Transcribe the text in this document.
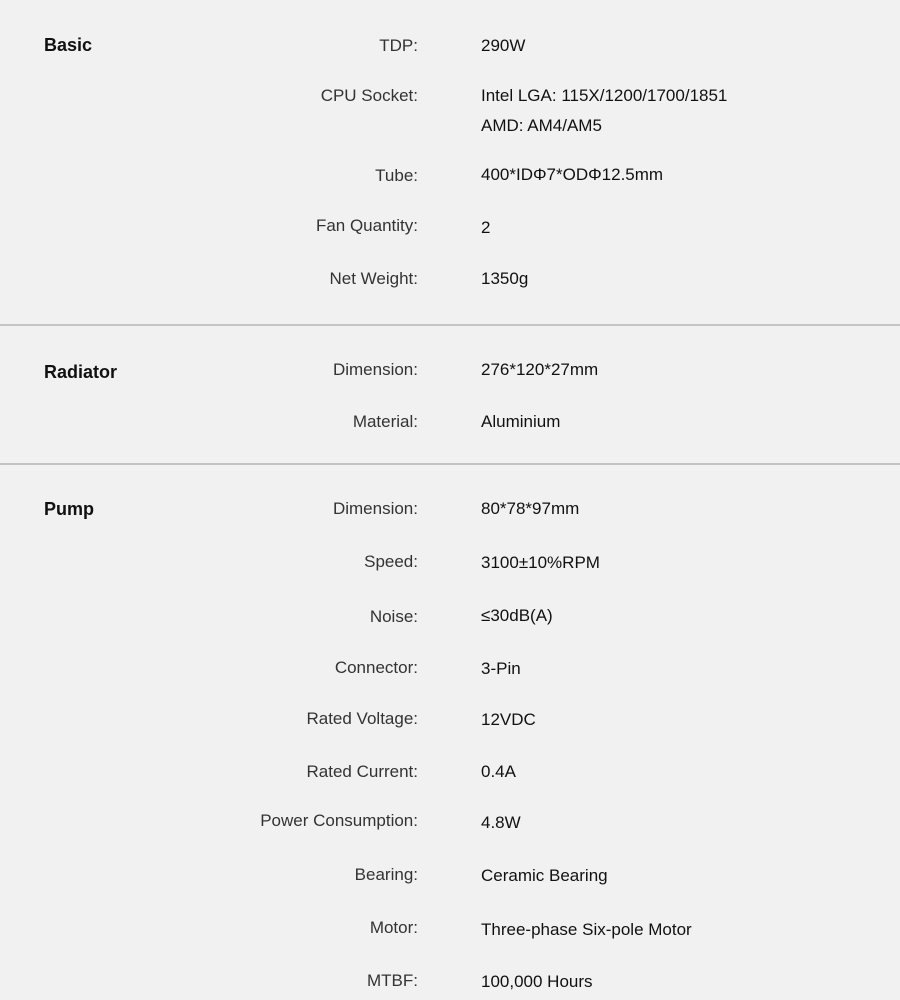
Basic	TDP:	290W
CPU Socket:	Intel LGA: 115X/1200/1700/1851
AMD: AM4/AM5
Tube:	400*IDΦ7*ODΦ12.5mm
Fan Quantity:	2
Net Weight:	1350g
Radiator	Dimension:	276*120*27mm
Material:	Aluminium
Pump	Dimension:	80*78*97mm
Speed:	3100±10%RPM
Noise:	≤30dB(A)
Connector:	3-Pin
Rated Voltage:	12VDC
Rated Current:	0.4A
Power Consumption:	4.8W
Bearing:	Ceramic Bearing
Motor:	Three-phase Six-pole Motor
MTBF:	100,000 Hours
